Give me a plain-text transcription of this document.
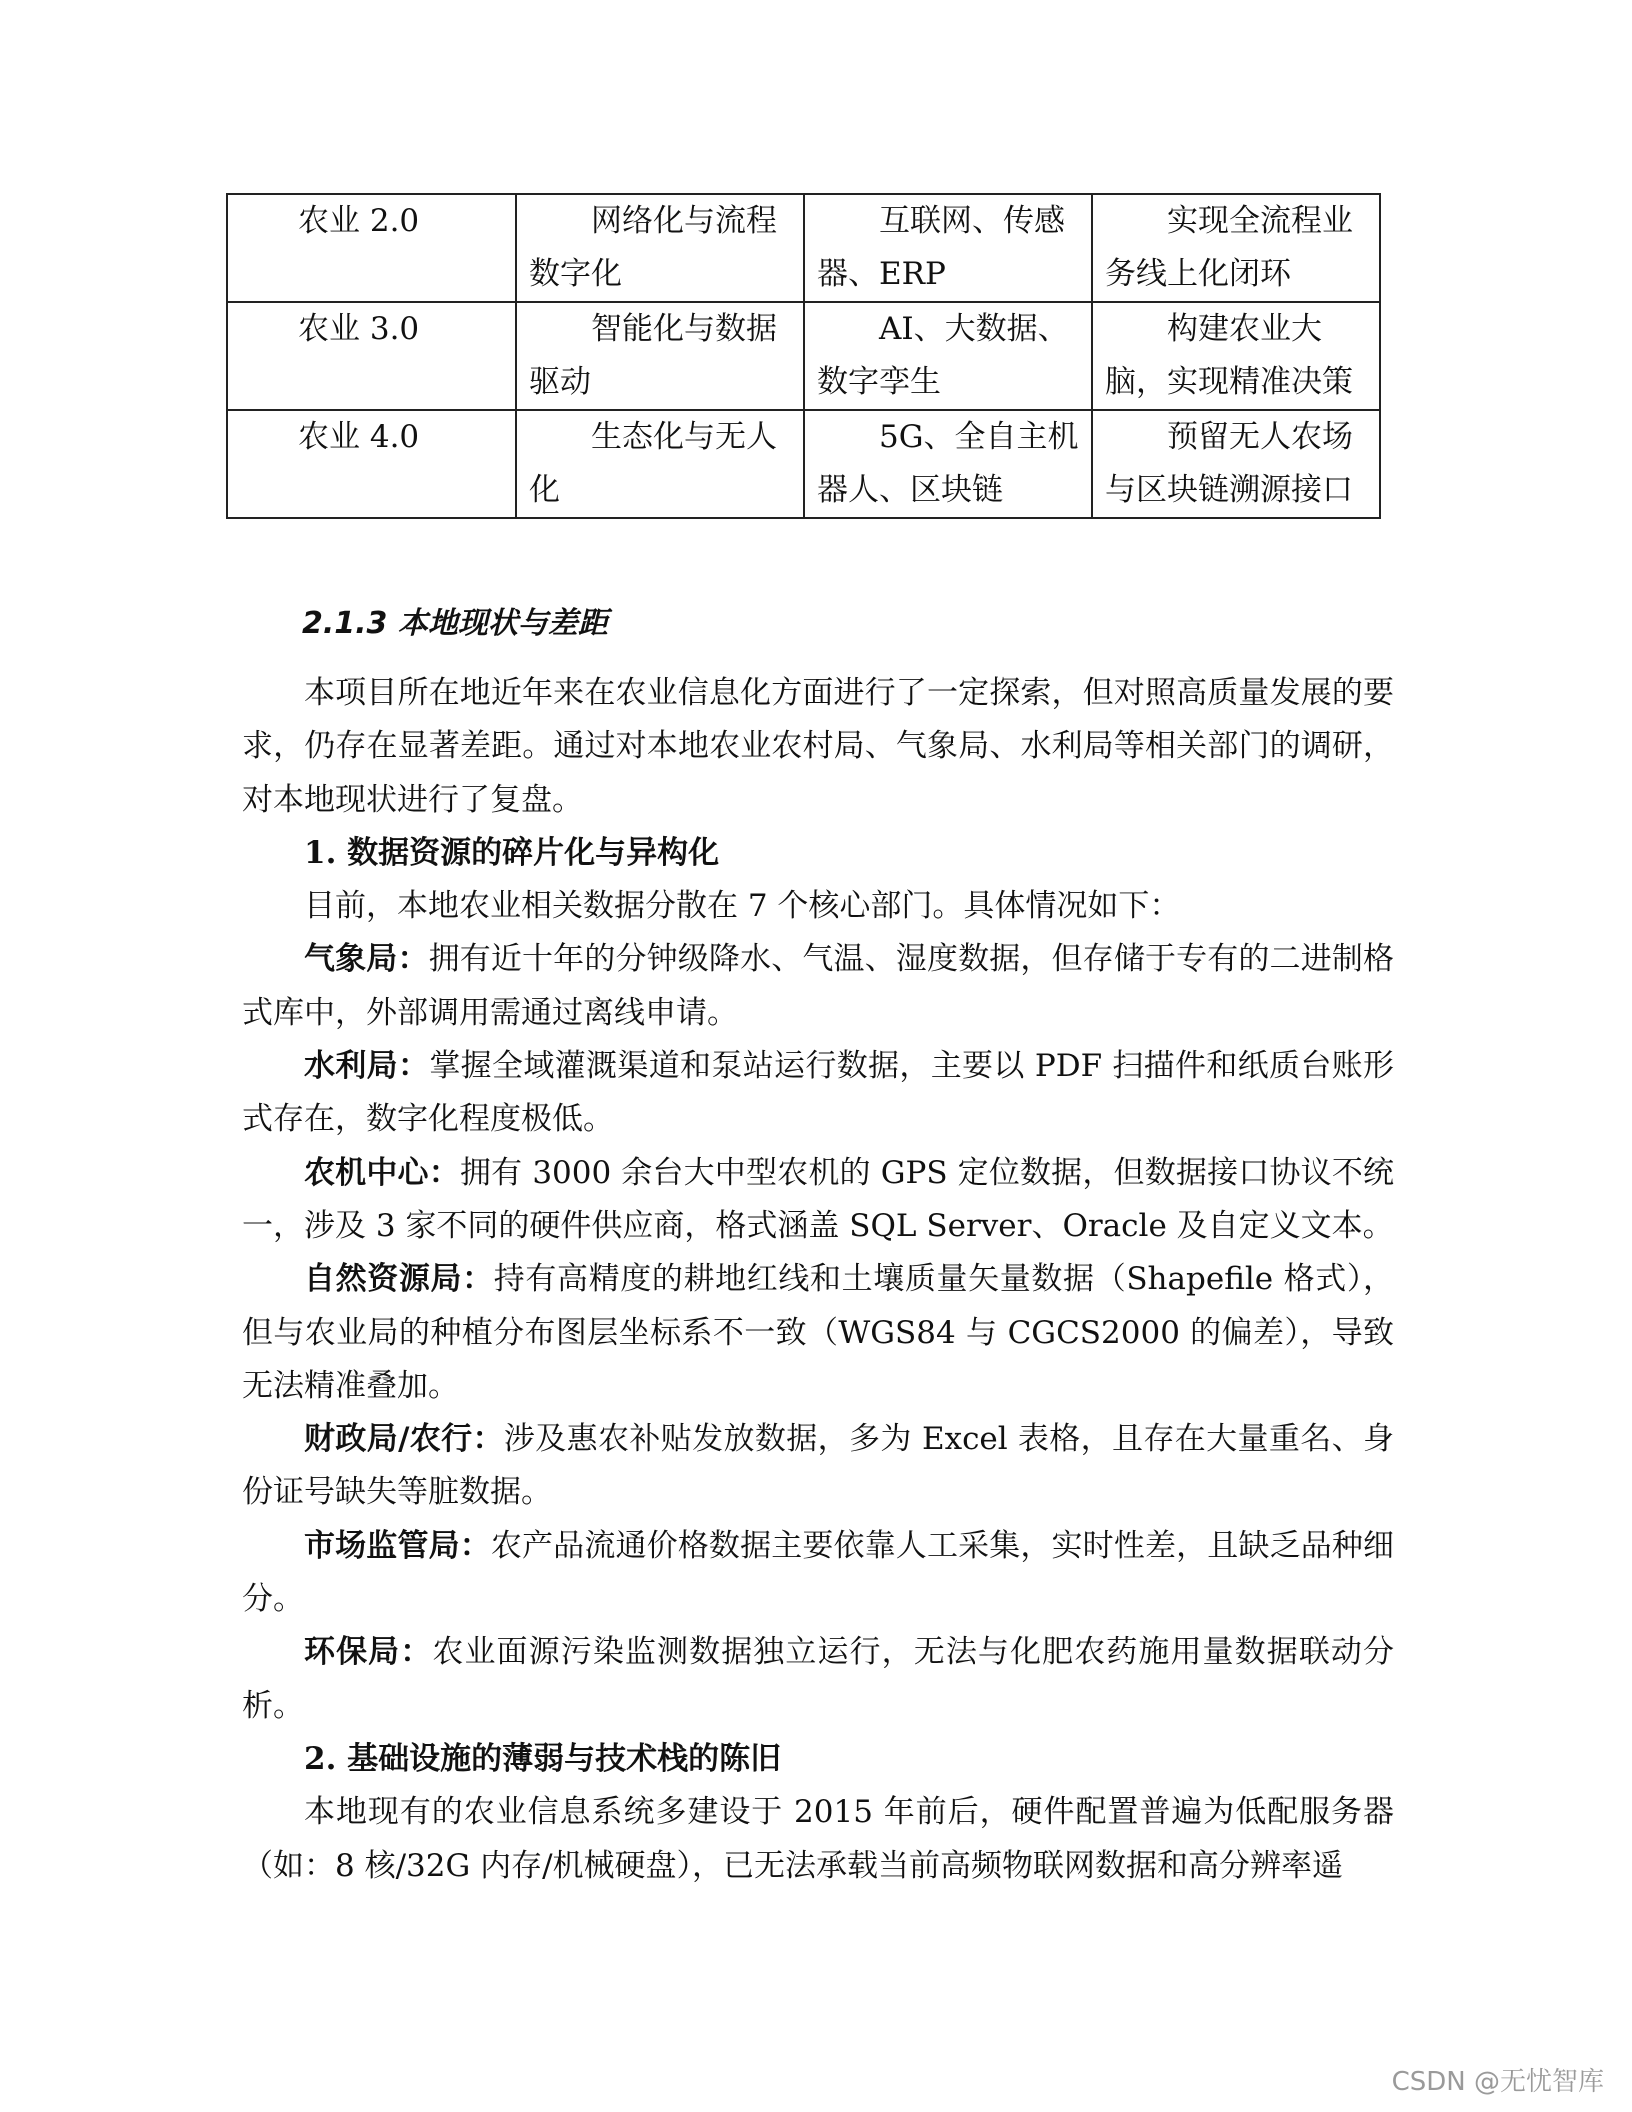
农业 2.0	网络化与流程数字化	互联网、传感器、ERP	实现全流程业务线上化闭环
农业 3.0	智能化与数据驱动	AI、大数据、数字孪生	构建农业大脑，实现精准决策
农业 4.0	生态化与无人化	5G、全自主机器人、区块链	预留无人农场与区块链溯源接口
2.1.3 本地现状与差距

本项目所在地近年来在农业信息化方面进行了一定探索，但对照高质量发展的要求，仍存在显著差距。通过对本地农业农村局、气象局、水利局等相关部门的调研，对本地现状进行了复盘。

1. 数据资源的碎片化与异构化

目前，本地农业相关数据分散在 7 个核心部门。具体情况如下：

气象局：拥有近十年的分钟级降水、气温、湿度数据，但存储于专有的二进制格式库中，外部调用需通过离线申请。

水利局：掌握全域灌溉渠道和泵站运行数据，主要以 PDF 扫描件和纸质台账形式存在，数字化程度极低。

农机中心：拥有 3000 余台大中型农机的 GPS 定位数据，但数据接口协议不统一，涉及 3 家不同的硬件供应商，格式涵盖 SQL Server、Oracle 及自定义文本。

自然资源局：持有高精度的耕地红线和土壤质量矢量数据（Shapefile 格式），但与农业局的种植分布图层坐标系不一致（WGS84 与 CGCS2000 的偏差），导致无法精准叠加。

财政局/农行：涉及惠农补贴发放数据，多为 Excel 表格，且存在大量重名、身份证号缺失等脏数据。

市场监管局：农产品流通价格数据主要依靠人工采集，实时性差，且缺乏品种细分。

环保局：农业面源污染监测数据独立运行，无法与化肥农药施用量数据联动分析。

2. 基础设施的薄弱与技术栈的陈旧

本地现有的农业信息系统多建设于 2015 年前后，硬件配置普遍为低配服务器（如：8 核/32G 内存/机械硬盘），已无法承载当前高频物联网数据和高分辨率遥

CSDN @无忧智库
